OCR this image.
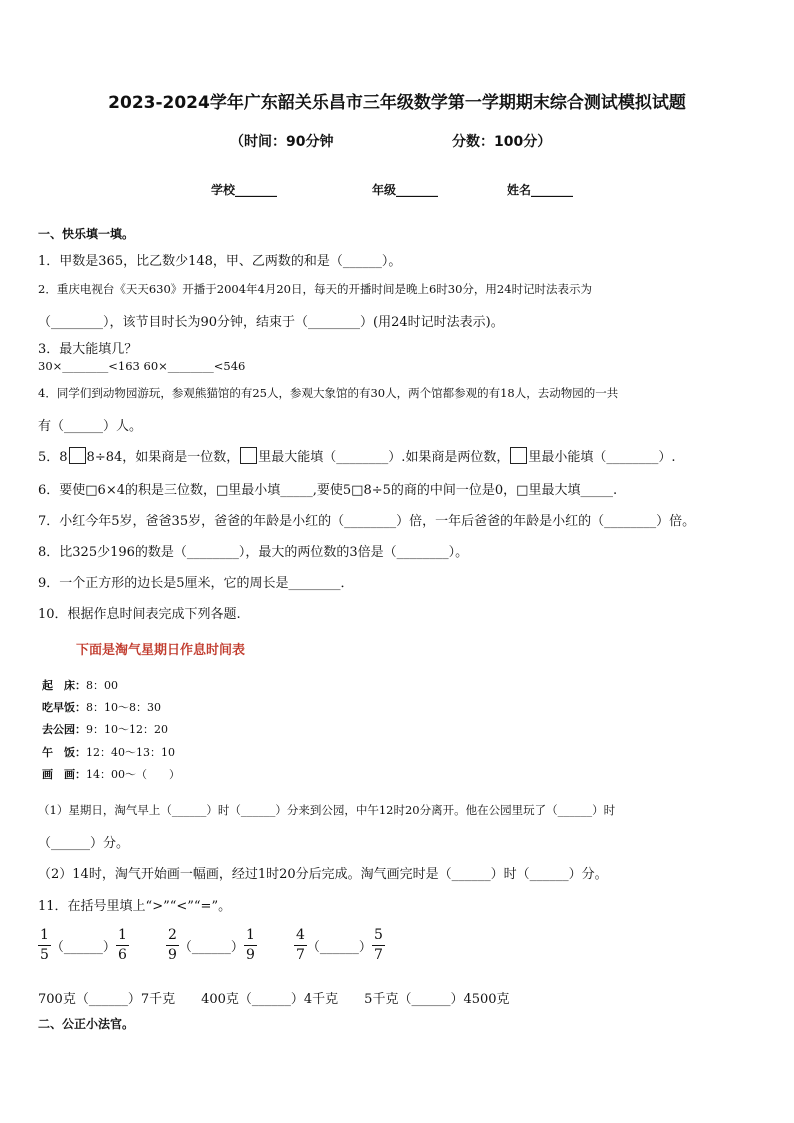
2023-2024学年广东韶关乐昌市三年级数学第一学期期末综合测试模拟试题
（时间：90分钟	分数：100分）
学校_______	年级_______	姓名_______
一、快乐填一填。
1．甲数是365，比乙数少148，甲、乙两数的和是（______）。
2．重庆电视台《天天630》开播于2004年4月20日，每天的开播时间是晚上6时30分，用24时记时法表示为
（________），该节目时长为90分钟，结束于（________）(用24时记时法表示)。
3．最大能填几？
30×________<163 60×________<546
4．同学们到动物园游玩，参观熊猫馆的有25人，参观大象馆的有30人，两个馆都参观的有18人，去动物园的一共
有（______）人。
5．8 8÷84，如果商是一位数， 里最大能填（________）.如果商是两位数， 里最小能填（________）.
6．要使□6×4的积是三位数，□里最小填_____,要使5□8÷5的商的中间一位是0，□里最大填_____.
7．小红今年5岁，爸爸35岁，爸爸的年龄是小红的（________）倍，一年后爸爸的年龄是小红的（________）倍。
8．比325少196的数是（________），最大的两位数的3倍是（________）。
9．一个正方形的边长是5厘米，它的周长是________．
10．根据作息时间表完成下列各题.
下面是淘气星期日作息时间表
起　床：8：00
吃早饭：8：10～8：30
去公园：9：10～12：20
午　饭：12：40～13：10
画　画：14：00～（　　）
（1）星期日，淘气早上（______）时（______）分来到公园，中午12时20分离开。他在公园里玩了（______）时
（______）分。
（2）14时，淘气开始画一幅画，经过1时20分后完成。淘气画完时是（______）时（______）分。
11．在括号里填上“>”“<”“=”。
$\frac{1}{5}$ （______） $\frac{1}{6}$	$\frac{2}{9}$ （______） $\frac{1}{9}$	$\frac{4}{7}$ （______） $\frac{5}{7}$
700克（______）7千克　　400克（______）4千克　　5千克（______）4500克
二、公正小法官。
